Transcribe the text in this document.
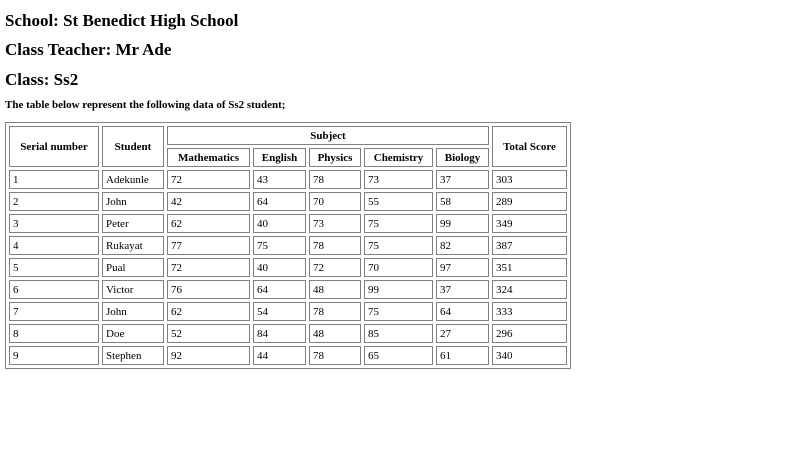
School: St Benedict High School
Class Teacher: Mr Ade
Class: Ss2

The table below represent the following data of Ss2 student;

Serial number	Student	Subject					Total Score
		Mathematics	English	Physics	Chemistry	Biology	
1	Adekunle	72	43	78	73	37	303
2	John	42	64	70	55	58	289
3	Peter	62	40	73	75	99	349
4	Rukayat	77	75	78	75	82	387
5	Pual	72	40	72	70	97	351
6	Victor	76	64	48	99	37	324
7	John	62	54	78	75	64	333
8	Doe	52	84	48	85	27	296
9	Stephen	92	44	78	65	61	340
